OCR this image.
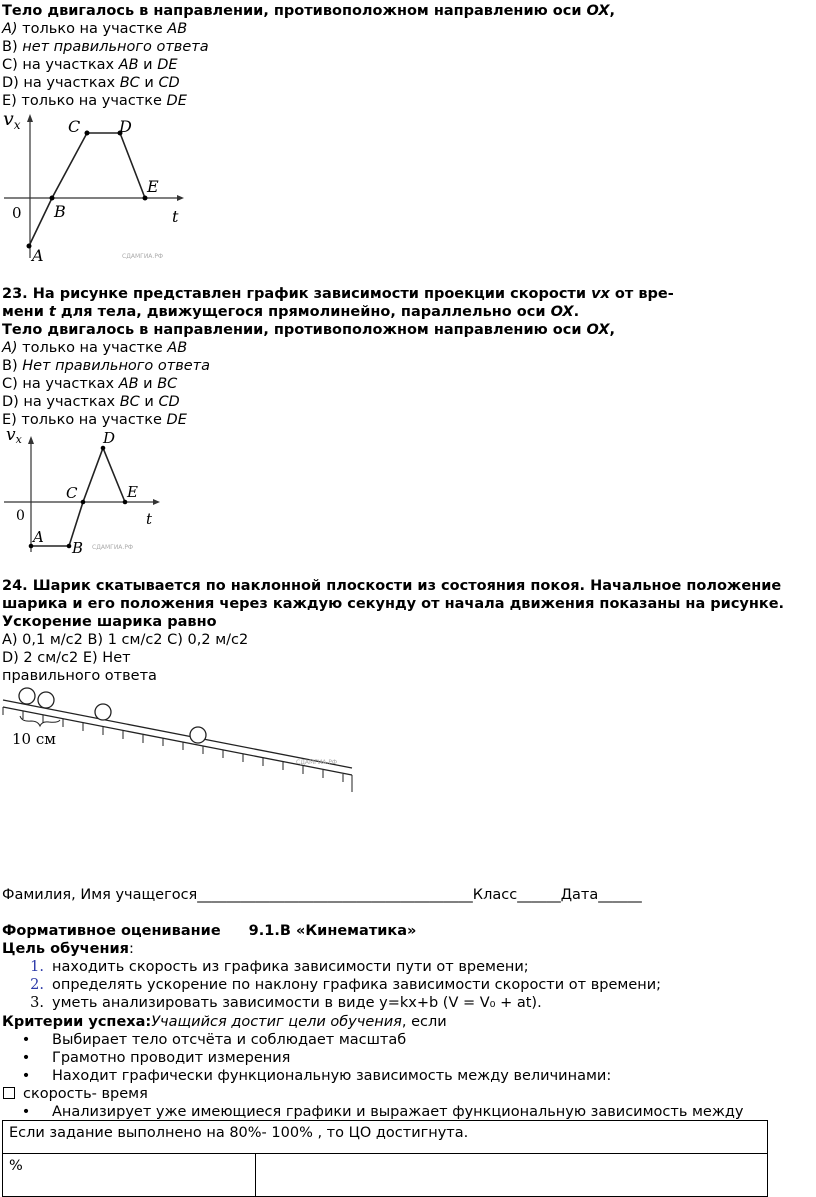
Тело двигалось в направлении, противоположном направлению оси OX,
A) только на участке AB
B) нет правильного ответа
C) на участках AB и DE
D) на участках BC и CD
E) только на участке DE
$v_x$
0	t
A
B
C D
E
СДАМГИА.РФ
23. На рисунке представлен график зависимости проекции скорости vx от вре-
мени t для тела, движущегося прямолинейно, параллельно оси OX.
Тело двигалось в направлении, противоположном направлению оси OX,
A) только на участке AB
B) Нет правильного ответа
C) на участках AB и BC
D) на участках BC и CD
E) только на участке DE
vx
0	t
A
B
C
D
E
СДАМГИА.РФ
24. Шарик скатывается по наклонной плоскости из состояния покоя. Начальное положение
шарика и его положения через каждую секунду от начала движения показаны на рисунке.
Ускорение шарика равно
A) 0,1 м/с2 B) 1 см/с2 C) 0,2 м/с2
D) 2 см/с2 E) Нет
правильного ответа
10 см
СДАМГИА.РФ
Фамилия, Имя учащегося______________________________________Класс______Дата______
Формативное оценивание 9.1.В «Кинематика»
Цель обучения:
1. находить скорость из графика зависимости пути от времени;
2. определять ускорение по наклону графика зависимости скорости от времени;
3. уметь анализировать зависимости в виде y=kx+b (V = V₀ + at).
Критерии успеха:Учащийся достиг цели обучения, если
• Выбирает тело отсчёта и соблюдает масштаб
• Грамотно проводит измерения
• Находит графически функциональную зависимость между величинами:
скорость- время
• Анализирует уже имеющиеся графики и выражает функциональную зависимость между
Если задание выполнено на 80%- 100% , то ЦО достигнута.
%	
